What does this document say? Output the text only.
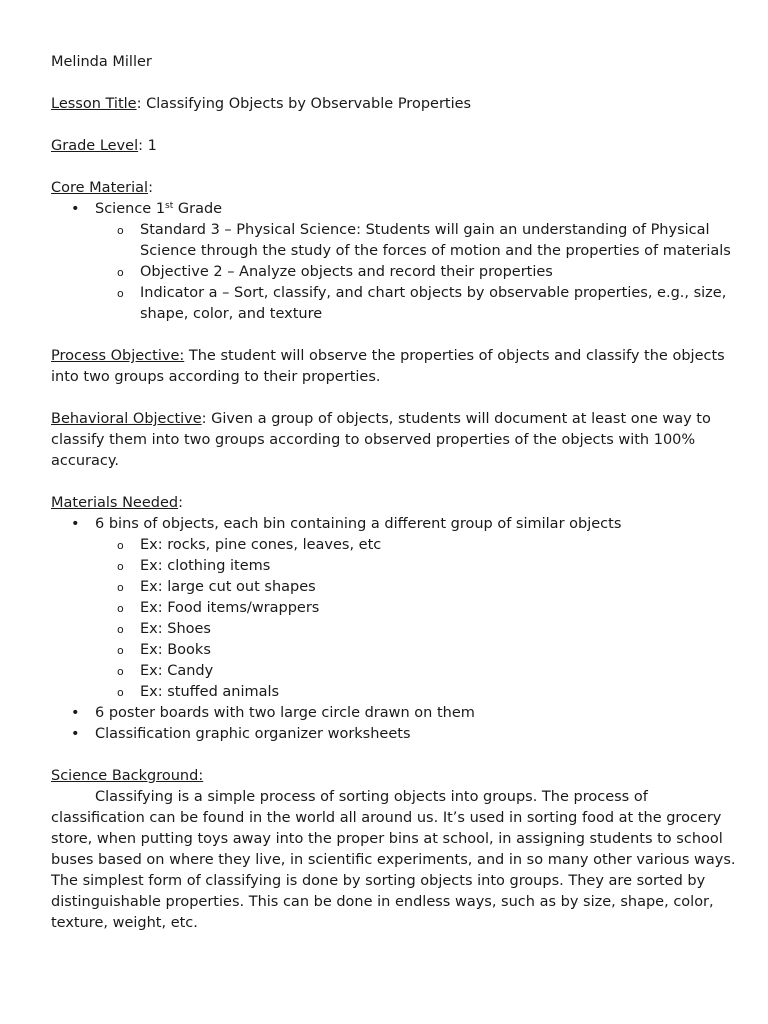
Melinda Miller

Lesson Title: Classifying Objects by Observable Properties

Grade Level: 1

Core Material:
• Science 1st Grade
o Standard 3 – Physical Science: Students will gain an understanding of Physical Science through the study of the forces of motion and the properties of materials
o Objective 2 – Analyze objects and record their properties
o Indicator a – Sort, classify, and chart objects by observable properties, e.g., size, shape, color, and texture

Process Objective: The student will observe the properties of objects and classify the objects into two groups according to their properties.

Behavioral Objective: Given a group of objects, students will document at least one way to classify them into two groups according to observed properties of the objects with 100% accuracy.

Materials Needed:
• 6 bins of objects, each bin containing a different group of similar objects
o Ex: rocks, pine cones, leaves, etc
o Ex: clothing items
o Ex: large cut out shapes
o Ex: Food items/wrappers
o Ex: Shoes
o Ex: Books
o Ex: Candy
o Ex: stuffed animals
• 6 poster boards with two large circle drawn on them
• Classification graphic organizer worksheets
Science Background:
Classifying is a simple process of sorting objects into groups. The process of classification can be found in the world all around us. It’s used in sorting food at the grocery store, when putting toys away into the proper bins at school, in assigning students to school buses based on where they live, in scientific experiments, and in so many other various ways. The simplest form of classifying is done by sorting objects into groups. They are sorted by distinguishable properties. This can be done in endless ways, such as by size, shape, color, texture, weight, etc.
